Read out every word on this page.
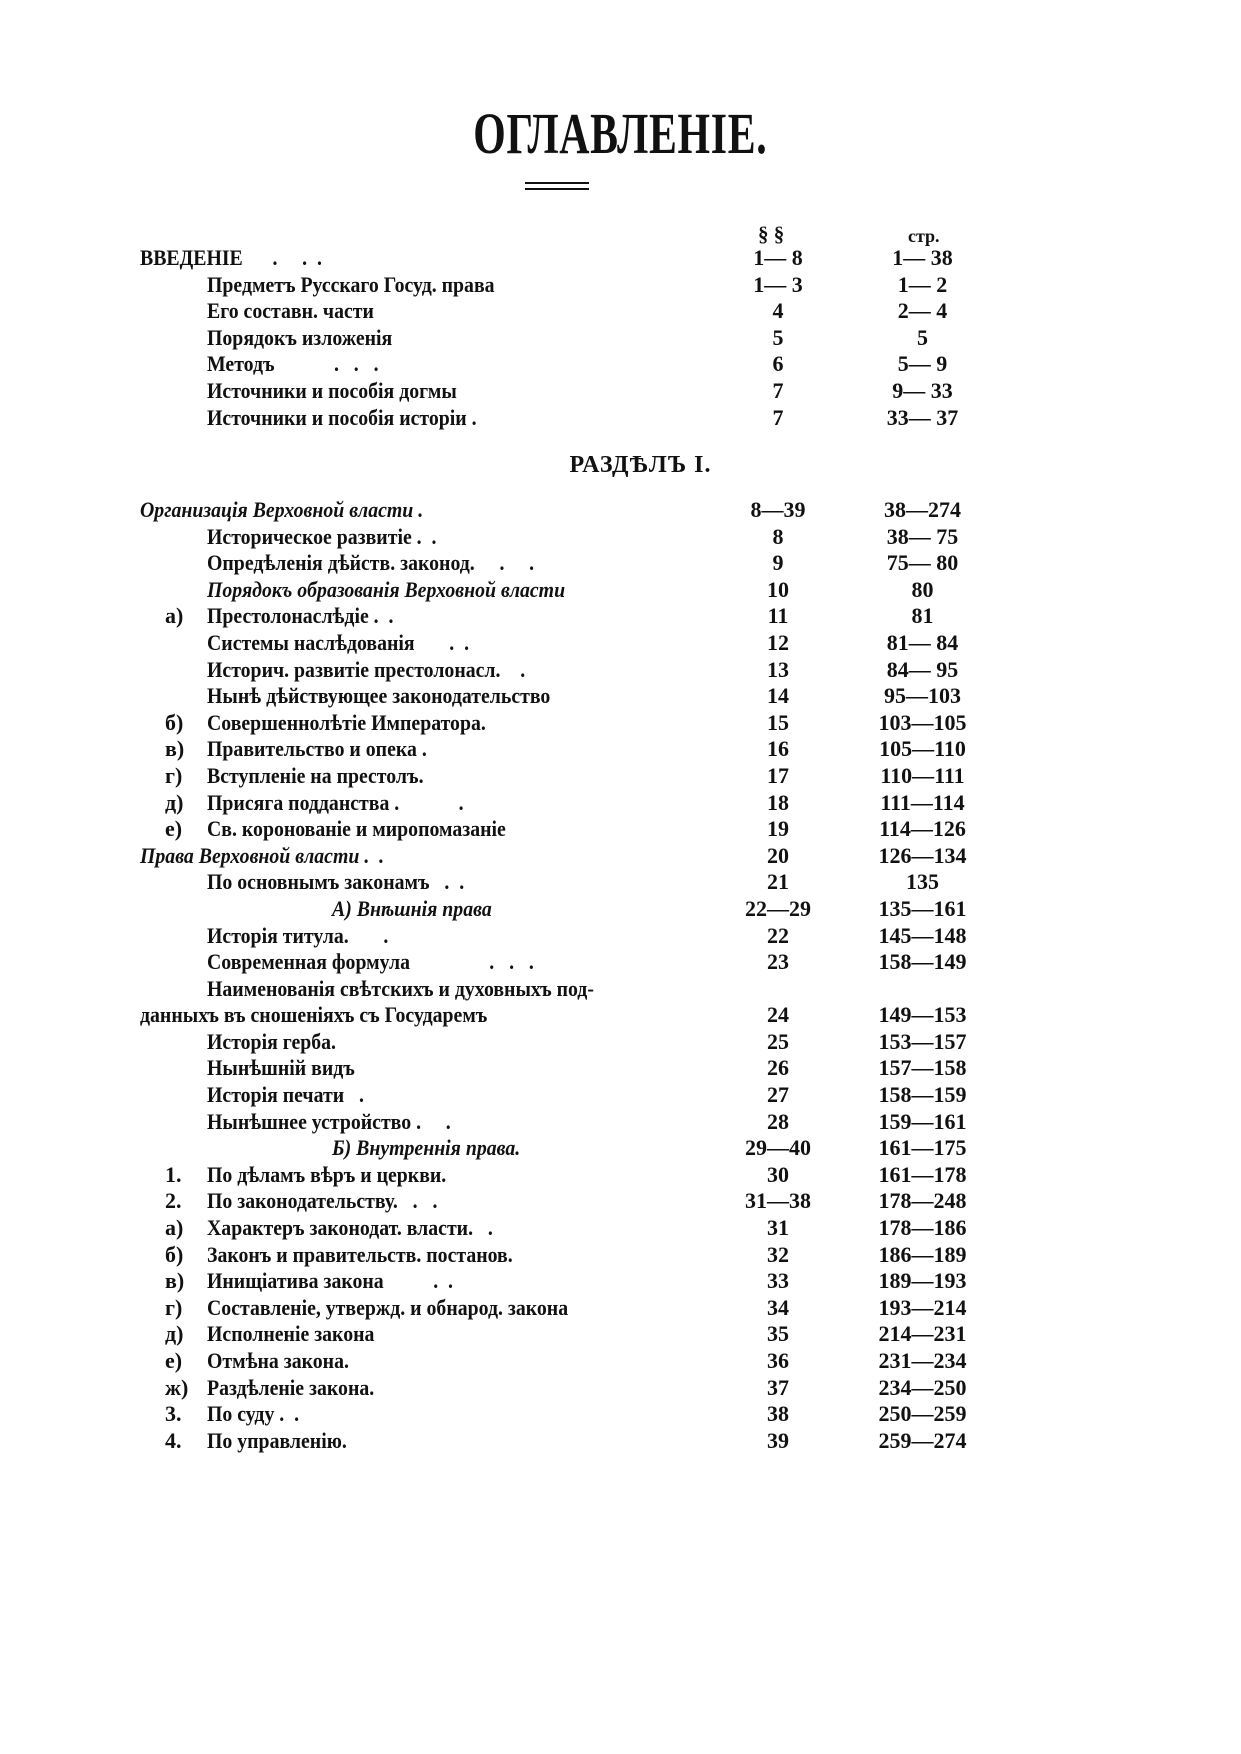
ОГЛАВЛЕНІЕ.
§ §	стр.
ВВЕДЕНІЕ      .     .  .	1— 8	1— 38
Предметъ Русскаго Госуд. права	1— 3	1— 2
Его составн. части	4	2— 4
Порядокъ изложенія	5	5
Методъ            .   .   .	6	5— 9
Источники и пособія догмы	7	9— 33
Источники и пособія исторіи .	7	33— 37
РАЗДѢЛЪ I.
Организація Верховной власти .	8—39	38—274
Историческое развитіе .  .	8	38— 75
Опредѣленія дѣйств. законод.     .     .	9	75— 80
Порядокъ образованія Верховной власти	10	80
а)	Престолонаслѣдіе .  .	11	81
Системы наслѣдованія       .  .	12	81— 84
Историч. развитіе престолонасл.    .	13	84— 95
Нынѣ дѣйствующее законодательство	14	95—103
б)	Совершеннолѣтіе Императора.	15	103—105
в)	Правительство и опека .	16	105—110
г)	Вступленіе на престолъ.	17	110—111
д)	Присяга подданства .            .	18	111—114
е)	Св. коронованіе и миропомазаніе	19	114—126
Права Верховной власти .  .	20	126—134
По основнымъ законамъ   .  .	21	135
А) Внѣшнія права	22—29	135—161
Исторія титула.       .	22	145—148
Современная формула                .   .   .	23	158—149
Наименованія свѣтскихъ и духовныхъ под-
данныхъ въ сношеніяхъ съ Государемъ	24	149—153
Исторія герба.	25	153—157
Нынѣшній видъ	26	157—158
Исторія печати   .	27	158—159
Нынѣшнее устройство .     .	28	159—161
Б) Внутреннія права.	29—40	161—175
1.	По дѣламъ вѣръ и церкви.	30	161—178
2.	По законодательству.   .   .	31—38	178—248
а)	Характеръ законодат. власти.   .	31	178—186
б)	Законъ и правительств. постанов.	32	186—189
в)	Инищіатива закона          .  .	33	189—193
г)	Составленіе, утвержд. и обнарод. закона	34	193—214
д)	Исполненіе закона	35	214—231
е)	Отмѣна закона.	36	231—234
ж) Раздѣленіе закона.	37	234—250
3.	По суду .  .	38	250—259
4.	По управленію.	39	259—274
